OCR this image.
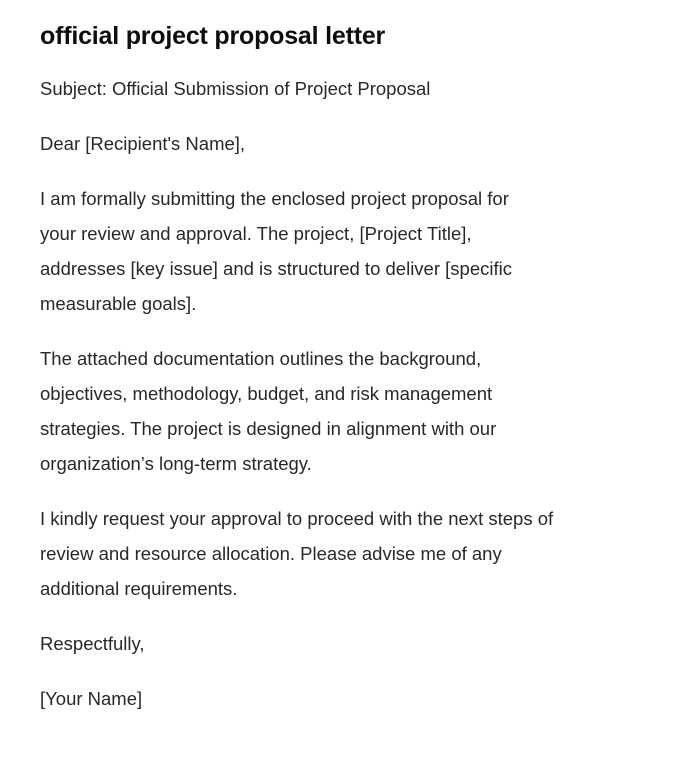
official project proposal letter

Subject: Official Submission of Project Proposal

Dear [Recipient's Name],

I am formally submitting the enclosed project proposal for
your review and approval. The project, [Project Title],
addresses [key issue] and is structured to deliver [specific
measurable goals].

The attached documentation outlines the background,
objectives, methodology, budget, and risk management
strategies. The project is designed in alignment with our
organization’s long-term strategy.

I kindly request your approval to proceed with the next steps of
review and resource allocation. Please advise me of any
additional requirements.

Respectfully,

[Your Name]
